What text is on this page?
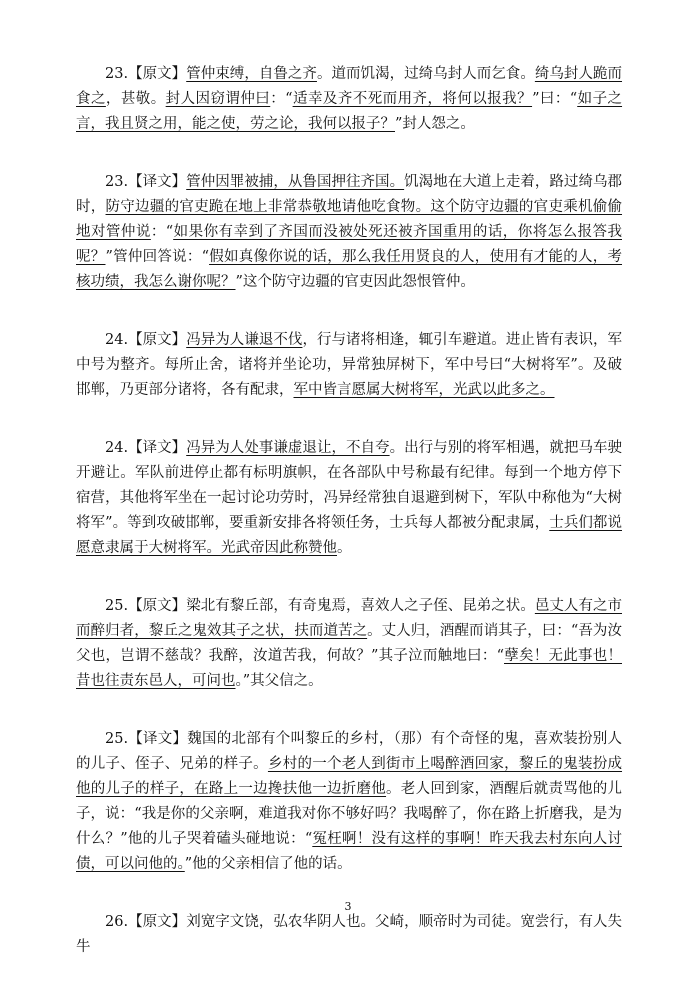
23.【原文】管仲束缚，自鲁之齐。道而饥渴，过绮乌封人而乞食。绮乌封人跪而食之，甚敬。封人因窃谓仲曰：“适幸及齐不死而用齐，将何以报我？”曰：“如子之言，我且贤之用，能之使，劳之论，我何以报子？”封人怨之。

23.【译文】管仲因罪被捕，从鲁国押往齐国。饥渴地在大道上走着，路过绮乌郡时，防守边疆的官吏跪在地上非常恭敬地请他吃食物。这个防守边疆的官吏乘机偷偷地对管仲说：“如果你有幸到了齐国而没被处死还被齐国重用的话，你将怎么报答我呢？”管仲回答说：“假如真像你说的话，那么我任用贤良的人，使用有才能的人，考核功绩，我怎么谢你呢？”这个防守边疆的官吏因此怨恨管仲。

24.【原文】冯异为人谦退不伐，行与诸将相逢，辄引车避道。进止皆有表识，军中号为整齐。每所止舍，诸将并坐论功，异常独屏树下，军中号曰“大树将军”。及破邯郸，乃更部分诸将，各有配隶，军中皆言愿属大树将军，光武以此多之。

24.【译文】冯异为人处事谦虚退让，不自夸。出行与别的将军相遇，就把马车驶开避让。军队前进停止都有标明旗帜，在各部队中号称最有纪律。每到一个地方停下宿营，其他将军坐在一起讨论功劳时，冯异经常独自退避到树下，军队中称他为“大树将军”。等到攻破邯郸，要重新安排各将领任务，士兵每人都被分配隶属，士兵们都说愿意隶属于大树将军。光武帝因此称赞他。

25.【原文】梁北有黎丘部，有奇鬼焉，喜效人之子侄、昆弟之状。邑丈人有之市而醉归者，黎丘之鬼效其子之状，扶而道苦之。丈人归，酒醒而诮其子，曰：“吾为汝父也，岂谓不慈哉？我醉，汝道苦我，何故？”其子泣而触地曰：“孽矣！无此事也！昔也往责东邑人，可问也。”其父信之。

25.【译文】魏国的北部有个叫黎丘的乡村，（那）有个奇怪的鬼，喜欢装扮别人的儿子、侄子、兄弟的样子。乡村的一个老人到街市上喝醉酒回家，黎丘的鬼装扮成他的儿子的样子，在路上一边搀扶他一边折磨他。老人回到家，酒醒后就责骂他的儿子，说：“我是你的父亲啊，难道我对你不够好吗？我喝醉了，你在路上折磨我，是为什么？”他的儿子哭着磕头碰地说：“冤枉啊！没有这样的事啊！昨天我去村东向人讨债，可以问他的。”他的父亲相信了他的话。

26.【原文】刘宽字文饶，弘农华阴人也。父崎，顺帝时为司徒。宽尝行，有人失牛

3
